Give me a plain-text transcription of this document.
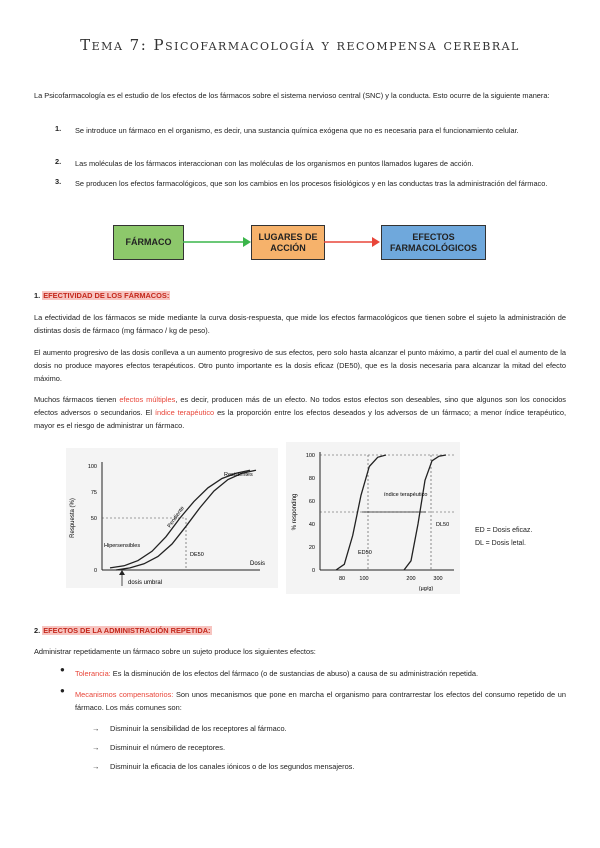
Tema 7: Psicofarmacología y recompensa cerebral
La Psicofarmacología es el estudio de los efectos de los fármacos sobre el sistema nervioso central (SNC) y la conducta. Esto ocurre de la siguiente manera:
1. Se introduce un fármaco en el organismo, es decir, una sustancia química exógena que no es necesaria para el funcionamiento celular.
2. Las moléculas de los fármacos interaccionan con las moléculas de los organismos en puntos llamados lugares de acción.
3. Se producen los efectos farmacológicos, que son los cambios en los procesos fisiológicos y en las conductas tras la administración del fármaco.
FÁRMACO
LUGARES DE ACCIÓN
EFECTOS FARMACOLÓGICOS
1. EFECTIVIDAD DE LOS FÁRMACOS:
La efectividad de los fármacos se mide mediante la curva dosis-respuesta, que mide los efectos farmacológicos que tienen sobre el sujeto la administración de distintas dosis de fármaco (mg fármaco / kg de peso).
El aumento progresivo de las dosis conlleva a un aumento progresivo de sus efectos, pero solo hasta alcanzar el punto máximo, a partir del cual el aumento de la dosis no produce mayores efectos terapéuticos. Otro punto importante es la dosis eficaz (DE50), que es la dosis necesaria para alcanzar la mitad del efecto máximo.
Muchos fármacos tienen efectos múltiples, es decir, producen más de un efecto. No todos estos efectos son deseables, sino que algunos son los conocidos efectos adversos o secundarios. El índice terapéutico es la proporción entre los efectos deseados y los adversos de un fármaco; a menor índice terapéutico, mayor es el riesgo de administrar un fármaco.
Respuesta (%)
Dosis
100
75
50
0
Hipersensibles
Resistentes
Pendiente
DE50
dosis umbral
% responding
100
80
60
40
20
0
índice terapéutico
ED50
DL50
80	100	200	300
(µg/g)
ED = Dosis eficaz.
DL = Dosis letal.
2. EFECTOS DE LA ADMINISTRACIÓN REPETIDA:
Administrar repetidamente un fármaco sobre un sujeto produce los siguientes efectos:
● Tolerancia: Es la disminución de los efectos del fármaco (o de sustancias de abuso) a causa de su administración repetida.
● Mecanismos compensatorios: Son unos mecanismos que pone en marcha el organismo para contrarrestar los efectos del consumo repetido de un fármaco. Los más comunes son:
→ Disminuir la sensibilidad de los receptores al fármaco.
→ Disminuir el número de receptores.
→ Disminuir la eficacia de los canales iónicos o de los segundos mensajeros.
